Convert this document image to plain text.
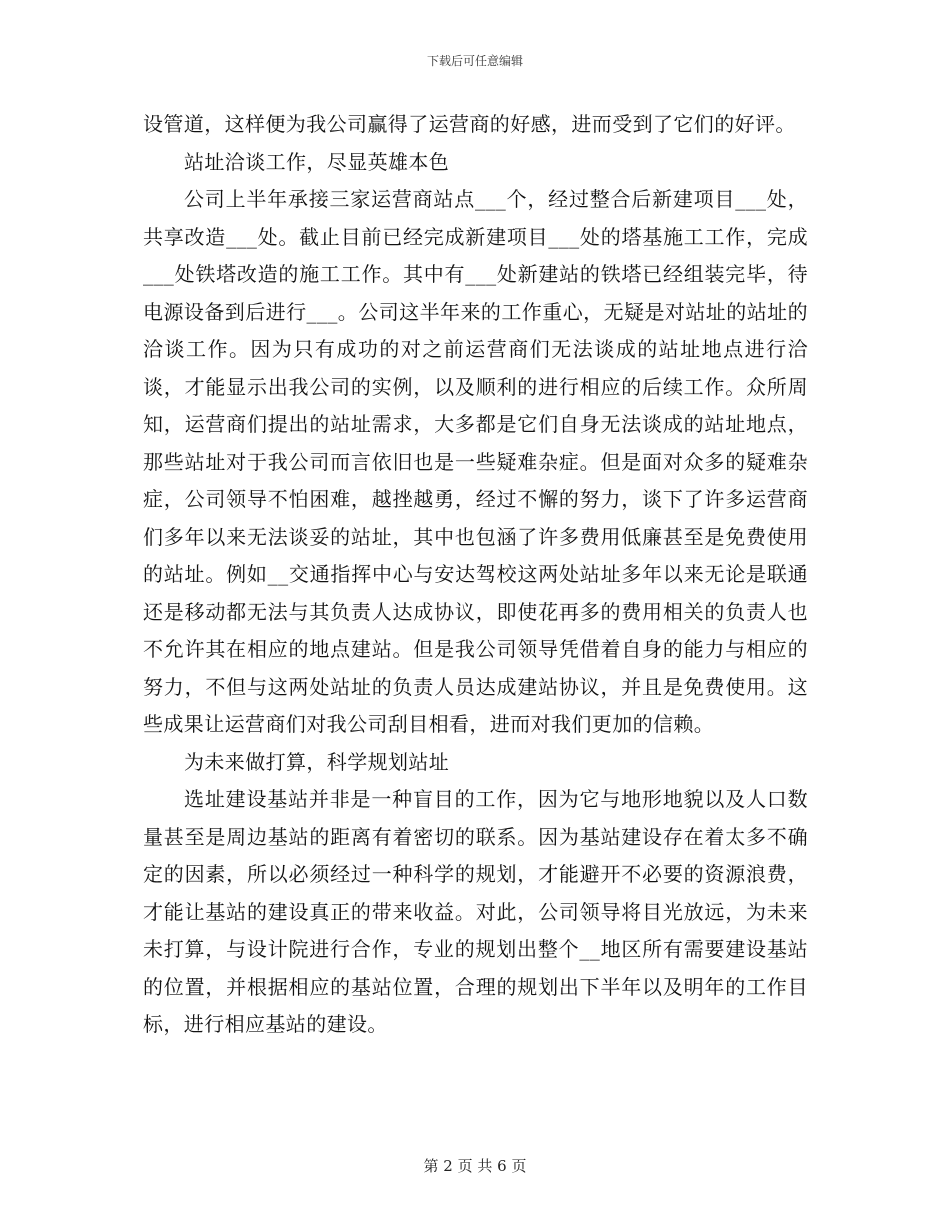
下载后可任意编辑

设管道，这样便为我公司赢得了运营商的好感，进而受到了它们的好评。

站址洽谈工作，尽显英雄本色

公司上半年承接三家运营商站点___个，经过整合后新建项目___处，共享改造___处。截止目前已经完成新建项目___处的塔基施工工作，完成___处铁塔改造的施工工作。其中有___处新建站的铁塔已经组装完毕，待电源设备到后进行___。公司这半年来的工作重心，无疑是对站址的站址的洽谈工作。因为只有成功的对之前运营商们无法谈成的站址地点进行洽谈，才能显示出我公司的实例，以及顺利的进行相应的后续工作。众所周知，运营商们提出的站址需求，大多都是它们自身无法谈成的站址地点，那些站址对于我公司而言依旧也是一些疑难杂症。但是面对众多的疑难杂症，公司领导不怕困难，越挫越勇，经过不懈的努力，谈下了许多运营商们多年以来无法谈妥的站址，其中也包涵了许多费用低廉甚至是免费使用的站址。例如__交通指挥中心与安达驾校这两处站址多年以来无论是联通还是移动都无法与其负责人达成协议，即使花再多的费用相关的负责人也不允许其在相应的地点建站。但是我公司领导凭借着自身的能力与相应的努力，不但与这两处站址的负责人员达成建站协议，并且是免费使用。这些成果让运营商们对我公司刮目相看，进而对我们更加的信赖。

为未来做打算，科学规划站址

选址建设基站并非是一种盲目的工作，因为它与地形地貌以及人口数量甚至是周边基站的距离有着密切的联系。因为基站建设存在着太多不确定的因素，所以必须经过一种科学的规划，才能避开不必要的资源浪费，才能让基站的建设真正的带来收益。对此，公司领导将目光放远，为未来未打算，与设计院进行合作，专业的规划出整个__地区所有需要建设基站的位置，并根据相应的基站位置，合理的规划出下半年以及明年的工作目标，进行相应基站的建设。

第 2 页 共 6 页
